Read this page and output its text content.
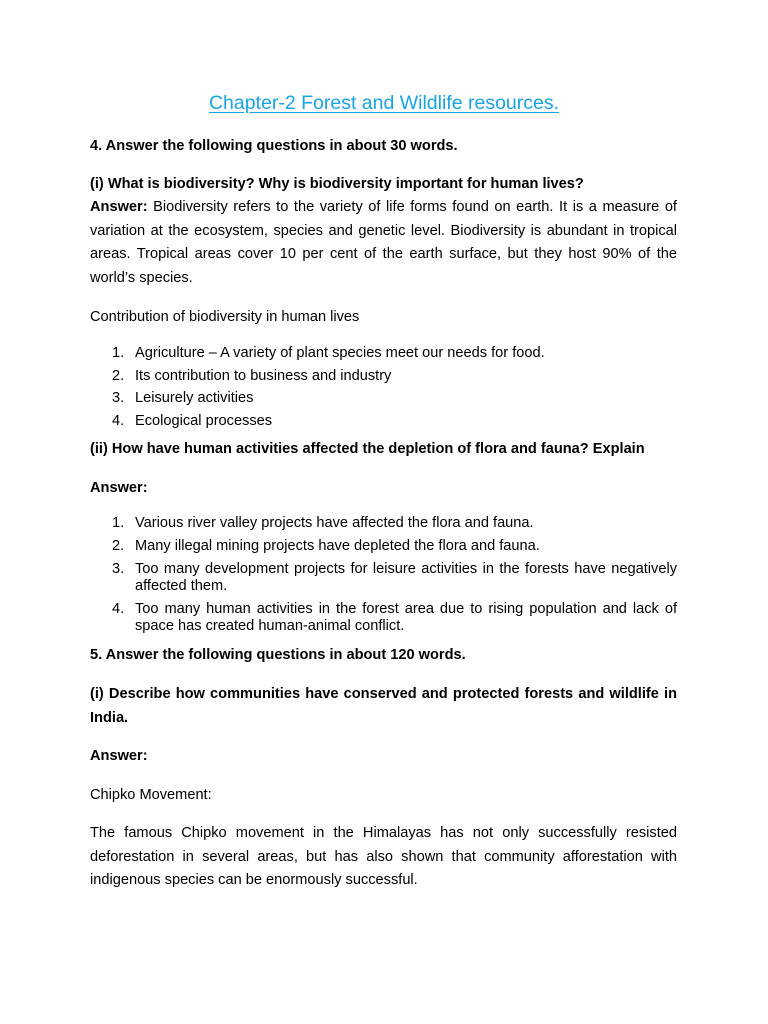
Chapter-2 Forest and Wildlife resources.

4. Answer the following questions in about 30 words.

(i) What is biodiversity? Why is biodiversity important for human lives?

Answer: Biodiversity refers to the variety of life forms found on earth. It is a measure of variation at the ecosystem, species and genetic level. Biodiversity is abundant in tropical areas. Tropical areas cover 10 per cent of the earth surface, but they host 90% of the world’s species.

Contribution of biodiversity in human lives

1. Agriculture – A variety of plant species meet our needs for food.
2. Its contribution to business and industry
3. Leisurely activities
4. Ecological processes

(ii) How have human activities affected the depletion of flora and fauna? Explain

Answer:

1. Various river valley projects have affected the flora and fauna.
2. Many illegal mining projects have depleted the flora and fauna.
3. Too many development projects for leisure activities in the forests have negatively affected them.
4. Too many human activities in the forest area due to rising population and lack of space has created human-animal conflict.

5. Answer the following questions in about 120 words.

(i) Describe how communities have conserved and protected forests and wildlife in India.

Answer:

Chipko Movement:

The famous Chipko movement in the Himalayas has not only successfully resisted deforestation in several areas, but has also shown that community afforestation with indigenous species can be enormously successful.
